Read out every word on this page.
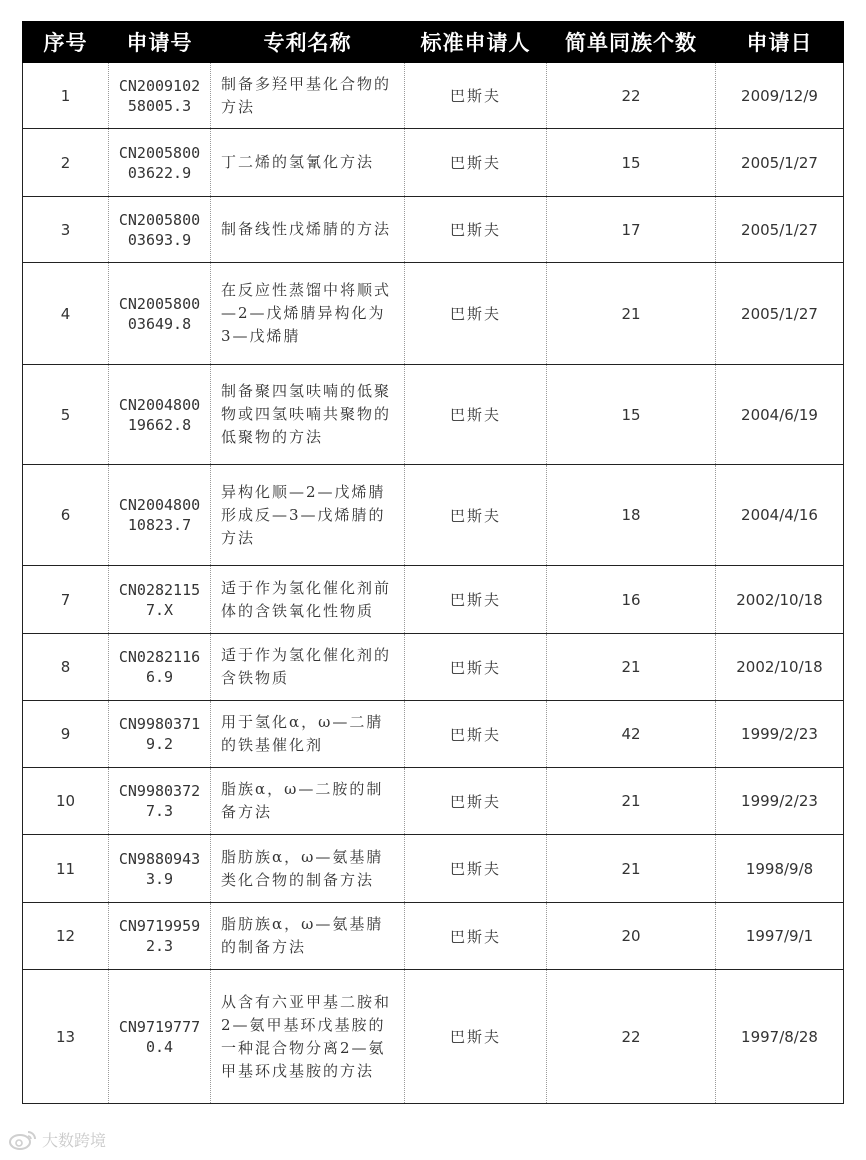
序号	申请号	专利名称	标准申请人	简单同族个数	申请日
1	CN200910258005.3	制备多羟甲基化合物的方法	巴斯夫	22	2009/12/9
2	CN200580003622.9	丁二烯的氢氰化方法	巴斯夫	15	2005/1/27
3	CN200580003693.9	制备线性戊烯腈的方法	巴斯夫	17	2005/1/27
4	CN200580003649.8	在反应性蒸馏中将顺式—2—戊烯腈异构化为3—戊烯腈	巴斯夫	21	2005/1/27
5	CN200480019662.8	制备聚四氢呋喃的低聚物或四氢呋喃共聚物的低聚物的方法	巴斯夫	15	2004/6/19
6	CN200480010823.7	异构化顺—2—戊烯腈形成反—3—戊烯腈的方法	巴斯夫	18	2004/4/16
7	CN02821157.X	适于作为氢化催化剂前体的含铁氧化性物质	巴斯夫	16	2002/10/18
8	CN02821166.9	适于作为氢化催化剂的含铁物质	巴斯夫	21	2002/10/18
9	CN99803719.2	用于氢化α，ω—二腈的铁基催化剂	巴斯夫	42	1999/2/23
10	CN99803727.3	脂族α，ω—二胺的制备方法	巴斯夫	21	1999/2/23
11	CN98809433.9	脂肪族α，ω—氨基腈类化合物的制备方法	巴斯夫	21	1998/9/8
12	CN97199592.3	脂肪族α，ω—氨基腈的制备方法	巴斯夫	20	1997/9/1
13	CN97197770.4	从含有六亚甲基二胺和2—氨甲基环戊基胺的一种混合物分离2—氨甲基环戊基胺的方法	巴斯夫	22	1997/8/28
大数跨境
